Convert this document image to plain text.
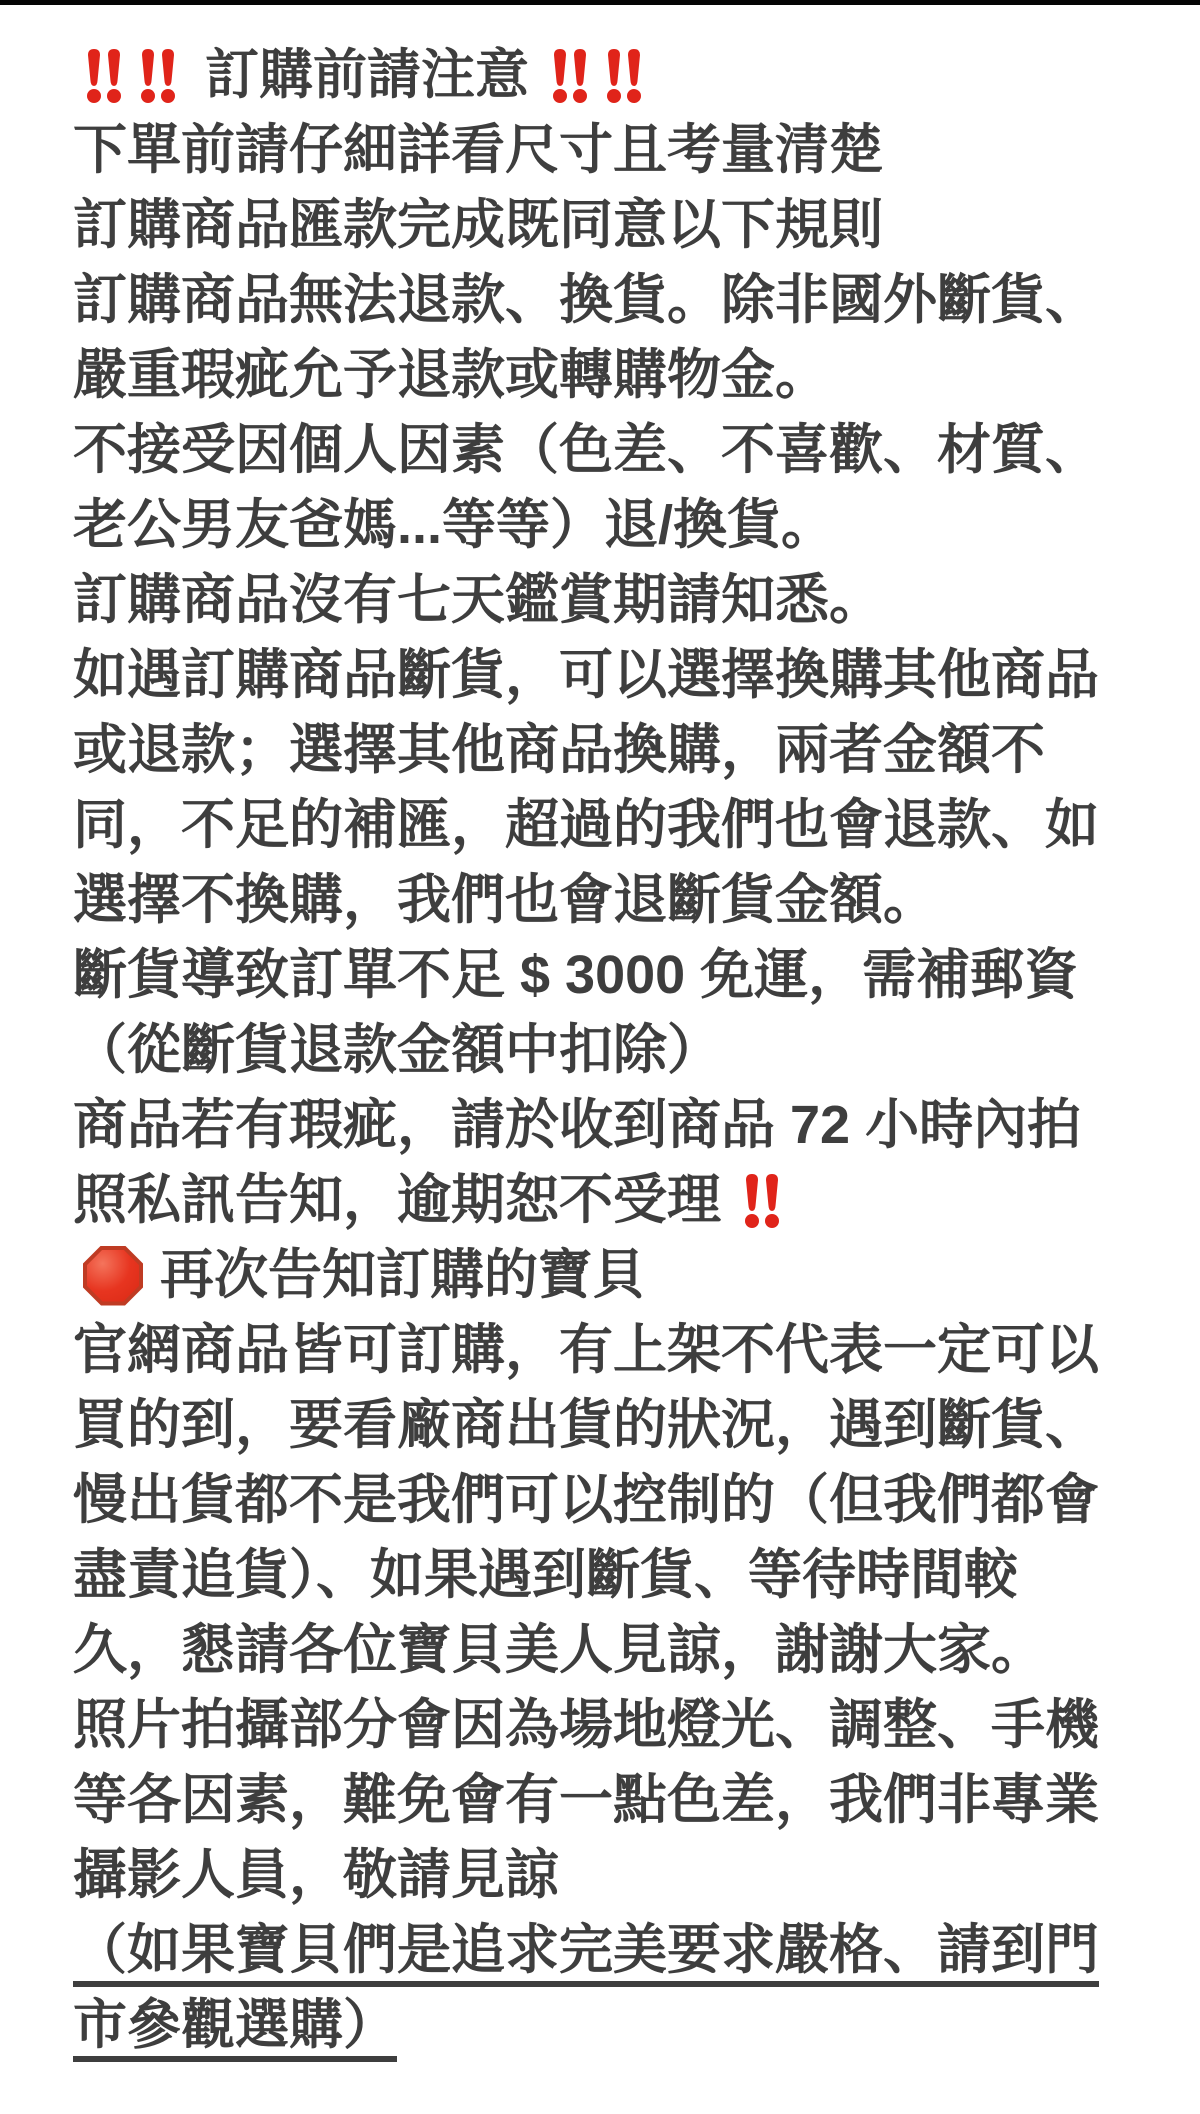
訂購前請注意
下單前請仔細詳看尺寸且考量清楚
訂購商品匯款完成既同意以下規則
訂購商品無法退款、換貨。除非國外斷貨、
嚴重瑕疵允予退款或轉購物金。
不接受因個人因素（色差、不喜歡、材質、
老公男友爸媽...等等）退/換貨。
訂購商品沒有七天鑑賞期請知悉。
如遇訂購商品斷貨，可以選擇換購其他商品
或退款；選擇其他商品換購，兩者金額不
同，不足的補匯，超過的我們也會退款、如
選擇不換購，我們也會退斷貨金額。
斷貨導致訂單不足 $ 3000 免運，需補郵資
（從斷貨退款金額中扣除）
商品若有瑕疵，請於收到商品 72 小時內拍
照私訊告知，逾期恕不受理
再次告知訂購的寶貝
官網商品皆可訂購，有上架不代表一定可以
買的到，要看廠商出貨的狀況，遇到斷貨、
慢出貨都不是我們可以控制的（但我們都會
盡責追貨）、如果遇到斷貨、等待時間較
久，懇請各位寶貝美人見諒，謝謝大家。
照片拍攝部分會因為場地燈光、調整、手機
等各因素，難免會有一點色差，我們非專業
攝影人員，敬請見諒
（如果寶貝們是追求完美要求嚴格、請到門
市參觀選購）
